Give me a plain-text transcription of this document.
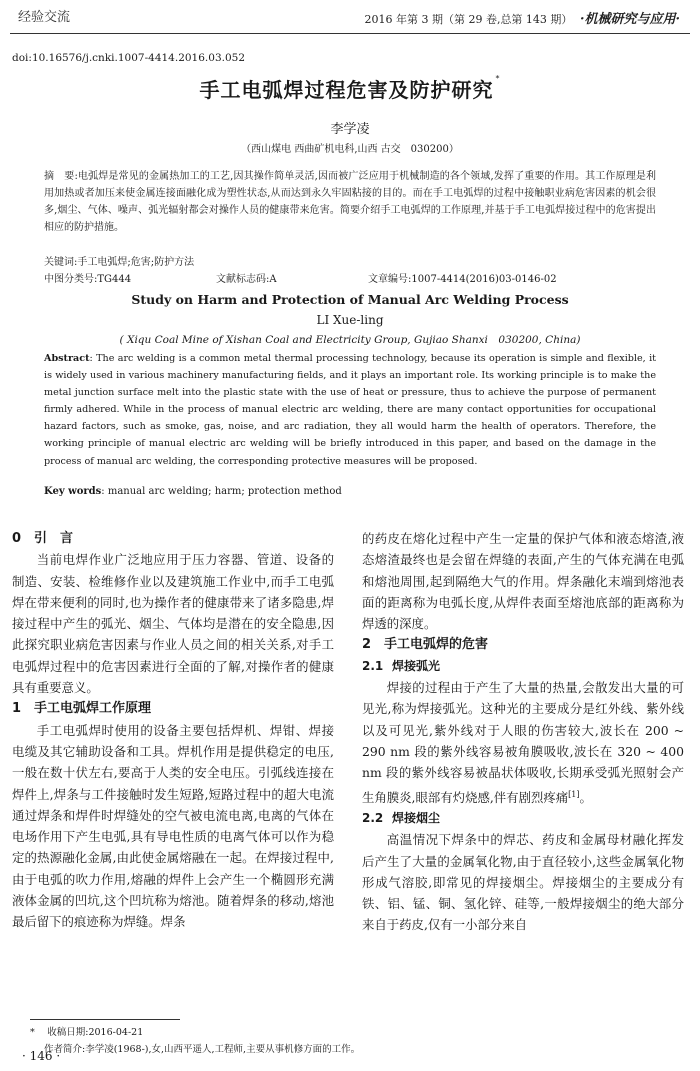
经验交流	2016 年第 3 期（第 29 卷,总第 143 期） ·机械研究与应用·
doi:10.16576/j.cnki.1007-4414.2016.03.052
手工电弧焊过程危害及防护研究 *
李学凌
（西山煤电 西曲矿机电科,山西 古交　030200）
摘　要:电弧焊是常见的金属热加工的工艺,因其操作简单灵活,因而被广泛应用于机械制造的各个领域,发挥了重要的作用。其工作原理是利用加热或者加压来使金属连接面融化成为塑性状态,从而达到永久牢固粘接的目的。而在手工电弧焊的过程中接触职业病危害因素的机会很多,烟尘、气体、噪声、弧光辐射都会对操作人员的健康带来危害。简要介绍手工电弧焊的工作原理,并基于手工电弧焊接过程中的危害提出相应的防护措施。
关键词:手工电弧焊;危害;防护方法
中图分类号:TG444	文献标志码:A	文章编号:1007-4414(2016)03-0146-02
Study on Harm and Protection of Manual Arc Welding Process
LI Xue-ling
( Xiqu Coal Mine of Xishan Coal and Electricity Group, Gujiao Shanxi　030200, China)
Abstract: The arc welding is a common metal thermal processing technology, because its operation is simple and flexible, it is widely used in various machinery manufacturing fields, and it plays an important role. Its working principle is to make the metal junction surface melt into the plastic state with the use of heat or pressure, thus to achieve the purpose of permanent firmly adhered. While in the process of manual electric arc welding, there are many contact opportunities for occupational hazard factors, such as smoke, gas, noise, and arc radiation, they all would harm the health of operators. Therefore, the working principle of manual electric arc welding will be briefly introduced in this paper, and based on the damage in the process of manual arc welding, the corresponding protective measures will be proposed.
Key words: manual arc welding; harm; protection method
0 引　言

当前电焊作业广泛地应用于压力容器、管道、设备的制造、安装、检维修作业以及建筑施工作业中,而手工电弧焊在带来便利的同时,也为操作者的健康带来了诸多隐患,焊接过程中产生的弧光、烟尘、气体均是潜在的安全隐患,因此探究职业病危害因素与作业人员之间的相关关系,对手工电弧焊过程中的危害因素进行全面的了解,对操作者的健康具有重要意义。

1 手工电弧焊工作原理

手工电弧焊时使用的设备主要包括焊机、焊钳、焊接电缆及其它辅助设备和工具。焊机作用是提供稳定的电压,一般在数十伏左右,要高于人类的安全电压。引弧线连接在焊件上,焊条与工件接触时发生短路,短路过程中的超大电流通过焊条和焊件时焊缝处的空气被电流电离,电离的气体在电场作用下产生电弧,具有导电性质的电离气体可以作为稳定的热源融化金属,由此使金属熔融在一起。在焊接过程中,由于电弧的吹力作用,熔融的焊件上会产生一个椭圆形充满液体金属的凹坑,这个凹坑称为熔池。随着焊条的移动,熔池最后留下的痕迹称为焊缝。焊条

的药皮在熔化过程中产生一定量的保护气体和液态熔渣,液态熔渣最终也是会留在焊缝的表面,产生的气体充满在电弧和熔池周围,起到隔绝大气的作用。焊条融化末端到熔池表面的距离称为电弧长度,从焊件表面至熔池底部的距离称为焊透的深度。

2 手工电弧焊的危害
2.1 焊接弧光

焊接的过程由于产生了大量的热量,会散发出大量的可见光,称为焊接弧光。这种光的主要成分是红外线、紫外线以及可见光,紫外线对于人眼的伤害较大,波长在 200 ~ 290 nm 段的紫外线容易被角膜吸收,波长在 320 ~ 400 nm 段的紫外线容易被晶状体吸收,长期承受弧光照射会产生角膜炎,眼部有灼烧感,伴有剧烈疼痛[1]。

2.2 焊接烟尘

高温情况下焊条中的焊芯、药皮和金属母材融化挥发后产生了大量的金属氧化物,由于直径较小,这些金属氧化物形成气溶胶,即常见的焊接烟尘。焊接烟尘的主要成分有铁、铝、锰、铜、氢化锌、硅等,一般焊接烟尘的绝大部分来自于药皮,仅有一小部分来自

* 　收稿日期:2016-04-21
作者简介:李学凌(1968-),女,山西平遥人,工程师,主要从事机修方面的工作。
· 146 ·
